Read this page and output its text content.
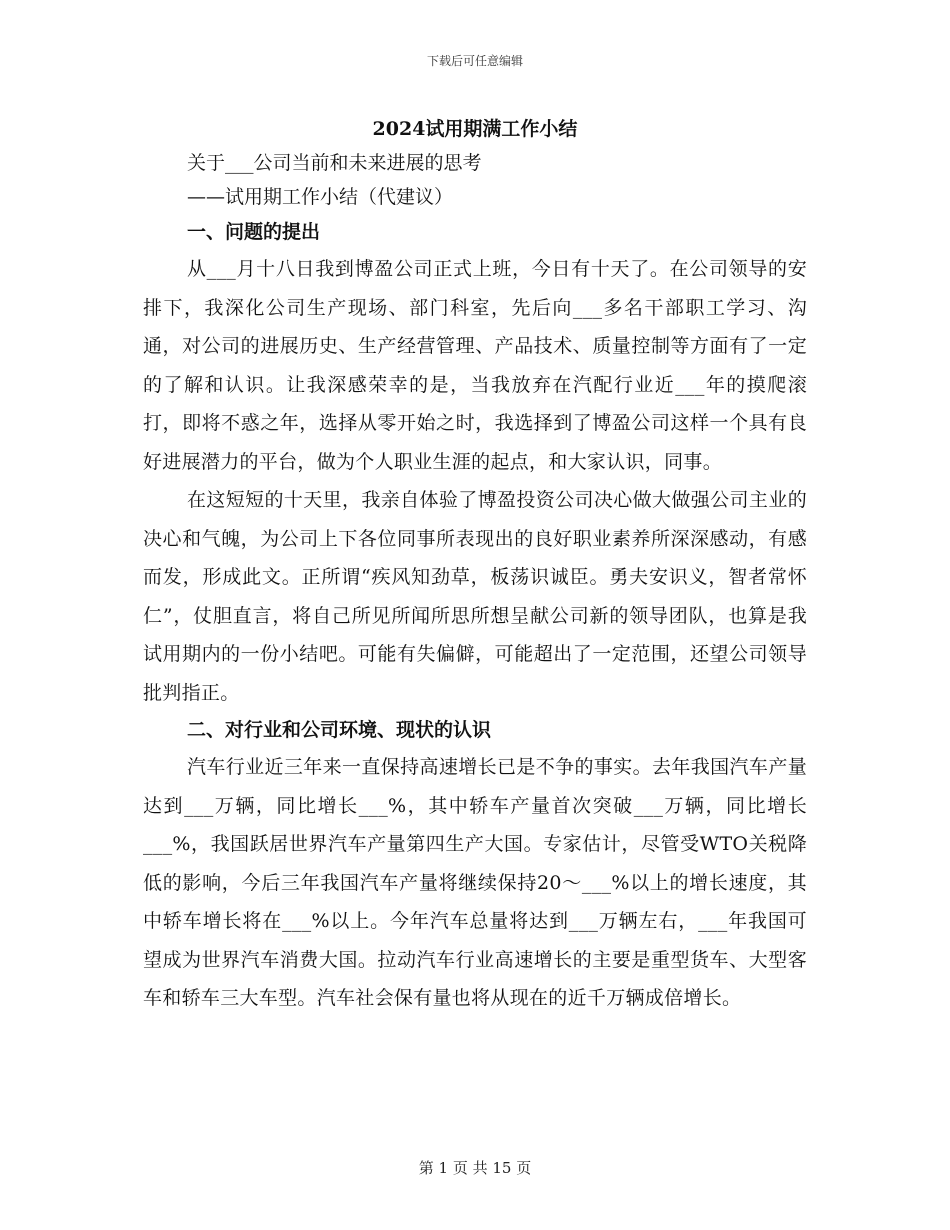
下载后可任意编辑
2024试用期满工作小结
关于___公司当前和未来进展的思考
——试用期工作小结（代建议）
一、问题的提出

从___月十八日我到博盈公司正式上班，今日有十天了。在公司领导的安排下，我深化公司生产现场、部门科室，先后向___多名干部职工学习、沟通，对公司的进展历史、生产经营管理、产品技术、质量控制等方面有了一定的了解和认识。让我深感荣幸的是，当我放弃在汽配行业近___年的摸爬滚打，即将不惑之年，选择从零开始之时，我选择到了博盈公司这样一个具有良好进展潜力的平台，做为个人职业生涯的起点，和大家认识，同事。

在这短短的十天里，我亲自体验了博盈投资公司决心做大做强公司主业的决心和气魄，为公司上下各位同事所表现出的良好职业素养所深深感动，有感而发，形成此文。正所谓“疾风知劲草，板荡识诚臣。勇夫安识义，智者常怀仁”，仗胆直言，将自己所见所闻所思所想呈献公司新的领导团队，也算是我试用期内的一份小结吧。可能有失偏僻，可能超出了一定范围，还望公司领导批判指正。

二、对行业和公司环境、现状的认识

汽车行业近三年来一直保持高速增长已是不争的事实。去年我国汽车产量达到___万辆，同比增长___%，其中轿车产量首次突破___万辆，同比增长___%，我国跃居世界汽车产量第四生产大国。专家估计，尽管受WTO关税降低的影响，今后三年我国汽车产量将继续保持20～___%以上的增长速度，其中轿车增长将在___%以上。今年汽车总量将达到___万辆左右，___年我国可望成为世界汽车消费大国。拉动汽车行业高速增长的主要是重型货车、大型客车和轿车三大车型。汽车社会保有量也将从现在的近千万辆成倍增长。

第 1 页 共 15 页
